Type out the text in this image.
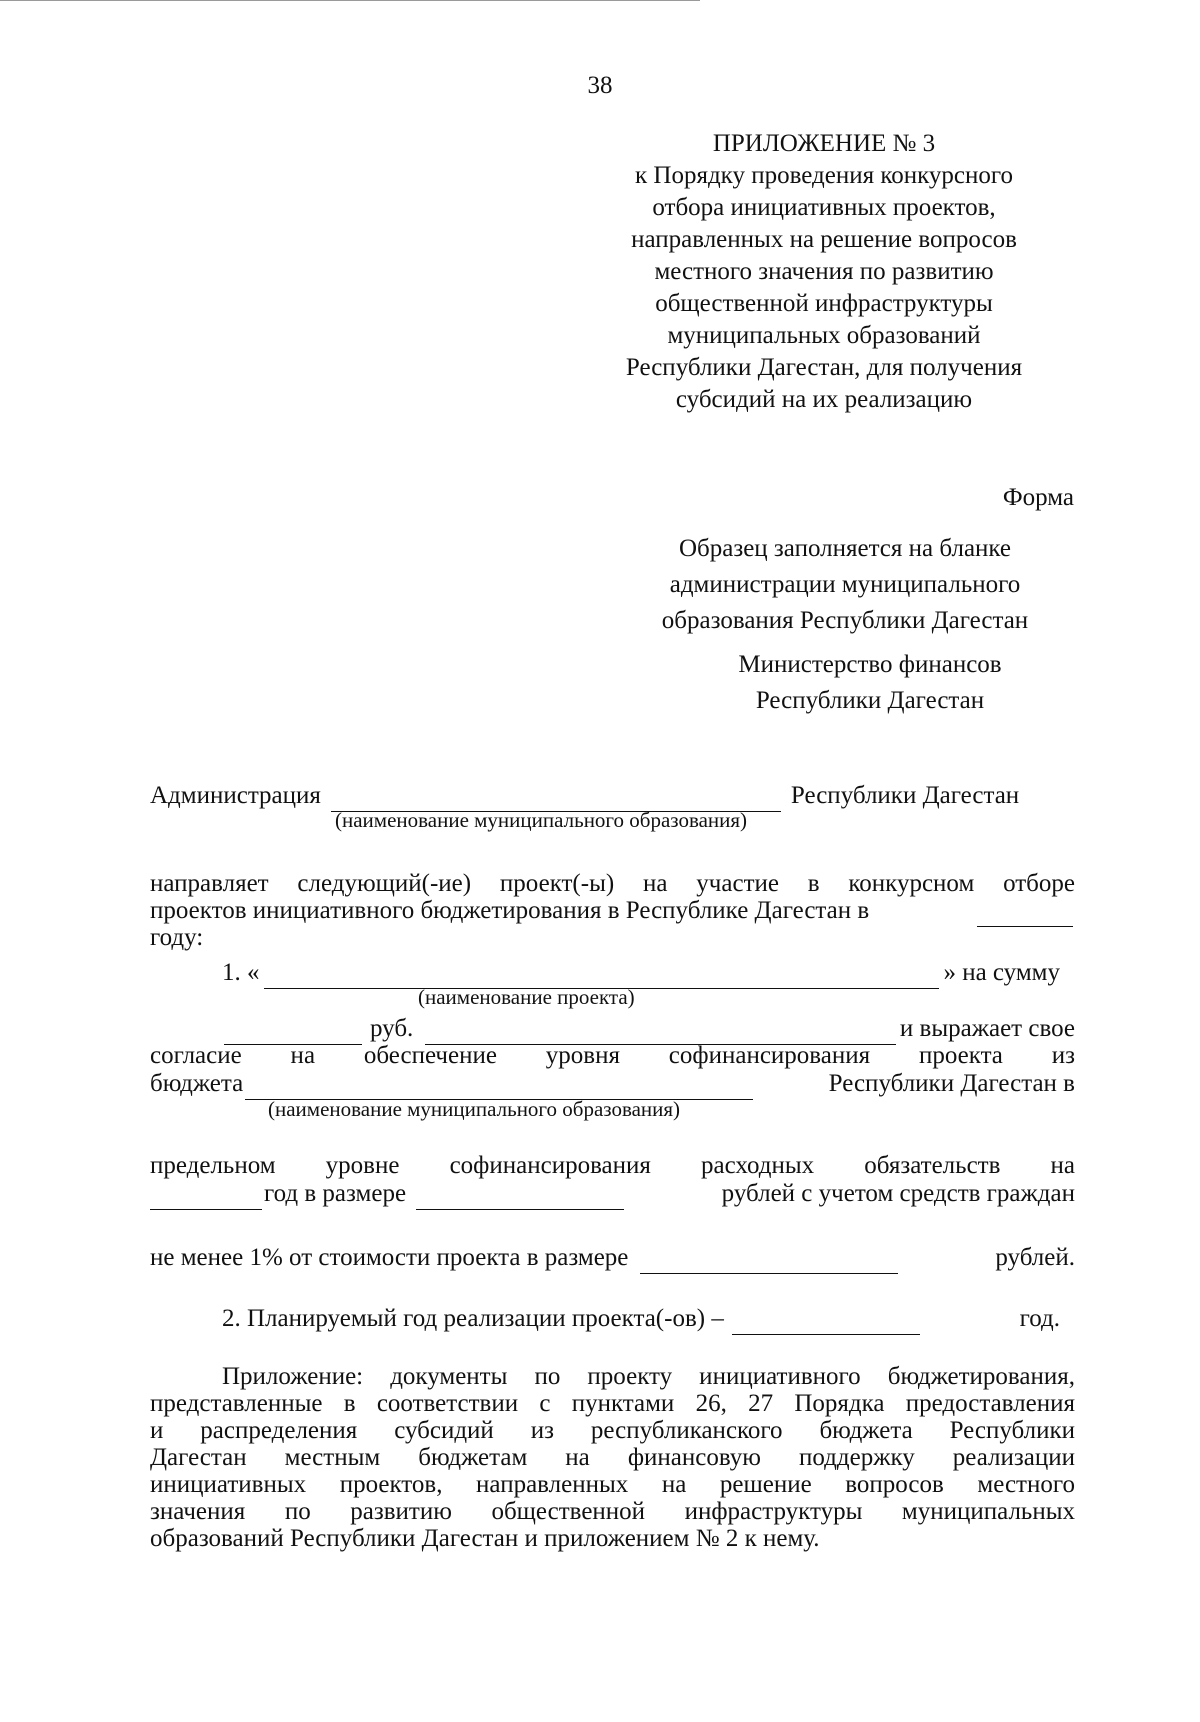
38
ПРИЛОЖЕНИЕ № 3
к Порядку проведения конкурсного
отбора инициативных проектов,
направленных на решение вопросов
местного значения по развитию
общественной инфраструктуры
муниципальных образований
Республики Дагестан, для получения
субсидий на их реализацию
Форма
Образец заполняется на бланке
администрации муниципального
образования Республики Дагестан
Министерство финансов
Республики Дагестан
Администрация	Республики Дагестан
(наименование муниципального образования)
направляет следующий(-ие) проект(-ы) на участие в конкурсном отборе
проектов инициативного бюджетирования в Республике Дагестан в
году:
1. «	» на сумму
(наименование проекта)
руб.	и выражает свое
согласие на обеспечение уровня софинансирования проекта из
бюджета	Республики Дагестан в
(наименование муниципального образования)
предельном уровне софинансирования расходных обязательств на
год в размере	рублей с учетом средств граждан
не менее 1% от стоимости проекта в размере	рублей.
2. Планируемый год реализации проекта(-ов) –	год.
Приложение: документы по проекту инициативного бюджетирования,
представленные в соответствии с пунктами 26, 27 Порядка предоставления
и распределения субсидий из республиканского бюджета Республики
Дагестан местным бюджетам на финансовую поддержку реализации
инициативных проектов, направленных на решение вопросов местного
значения по развитию общественной инфраструктуры муниципальных
образований Республики Дагестан и приложением № 2 к нему.
